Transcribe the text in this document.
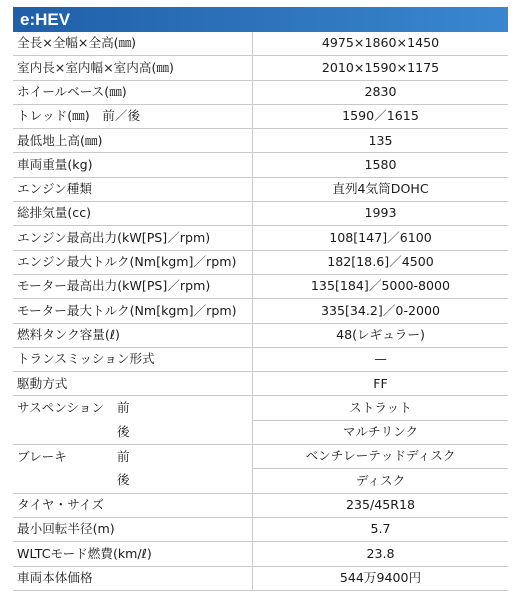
e:HEV
全長×全幅×全高(㎜)	4975×1860×1450
室内長×室内幅×室内高(㎜)	2010×1590×1175
ホイールベース(㎜)	2830
トレッド(㎜)　前／後	1590／1615
最低地上高(㎜)	135
車両重量(kg)	1580
エンジン種類	直列4気筒DOHC
総排気量(cc)	1993
エンジン最高出力(kW[PS]／rpm)	108[147]／6100
エンジン最大トルク(Nm[kgm]／rpm)	182[18.6]／4500
モーター最高出力(kW[PS]／rpm)	135[184]／5000-8000
モーター最大トルク(Nm[kgm]／rpm)	335[34.2]／0-2000
燃料タンク容量(ℓ)	48(レギュラー)
トランスミッション形式	—
駆動方式	FF
サスペンション 前	ストラット
後	マルチリンク
ブレーキ 前	ベンチレーテッドディスク
後	ディスク
タイヤ・サイズ	235/45R18
最小回転半径(m)	5.7
WLTCモード燃費(km/ℓ)	23.8
車両本体価格	544万9400円
